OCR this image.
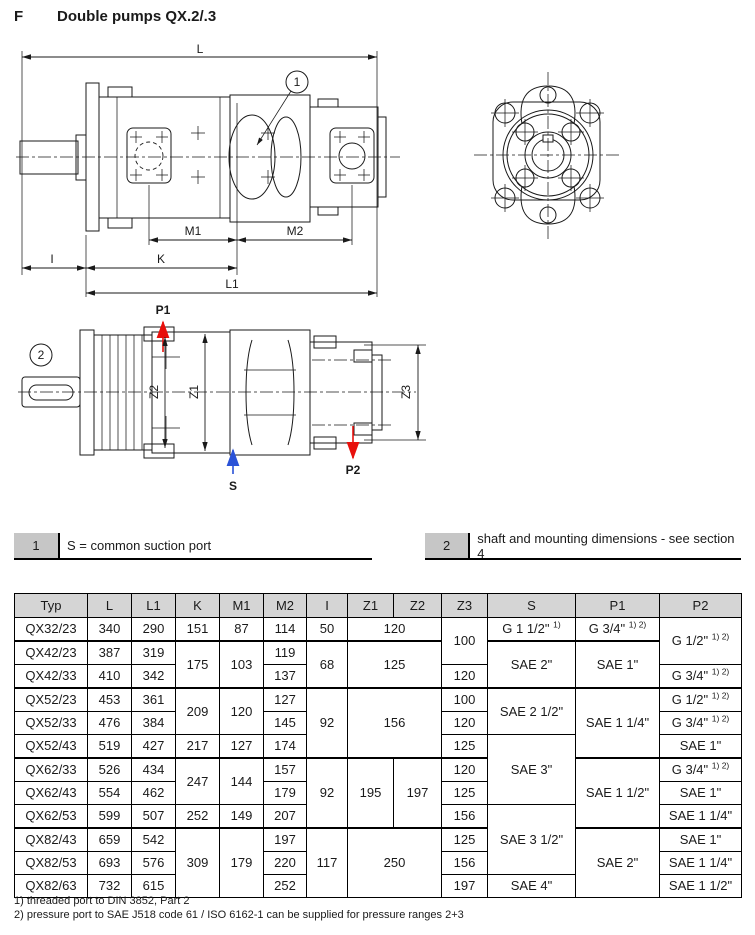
F Double pumps QX.2/.3
1
L
M1	M2
I	K
L1
2
P1
P2
S
Z2 Z1	Z3
1	S = common suction port	2	shaft and mounting dimensions - see section 4
Typ	L	L1	K	M1	M2	I	Z1	Z2	Z3	S	P1	P2
QX32/23	340	290	151	87	114	50	120		100	G 1 1/2" $^{1)}$	G 3/4" $^{1) 2)}$	G 1/2" $^{1) 2)}$
QX42/23	387	319	175	103	119	68	125			SAE 2"	SAE 1"	
QX42/33	410	342			137				120			G 3/4" $^{1) 2)}$
QX52/23	453	361	209	120	127	92	156		100	SAE 2 1/2"	SAE 1 1/4"	G 1/2" $^{1) 2)}$
QX52/33	476	384			145				120			G 3/4" $^{1) 2)}$
QX52/43	519	427	217	127	174				125	SAE 3"		SAE 1"
QX62/33	526	434	247	144	157	92	195	197	120		SAE 1 1/2"	G 3/4" $^{1) 2)}$
QX62/43	554	462			179				125			SAE 1"
QX62/53	599	507	252	149	207				156	SAE 3 1/2"		SAE 1 1/4"
QX82/43	659	542	309	179	197	117	250		125		SAE 2"	SAE 1"
QX82/53	693	576			220				156			SAE 1 1/4"
QX82/63	732	615			252				197	SAE 4"		SAE 1 1/2"
1) threaded port to DIN 3852, Part 2
2) pressure port to SAE J518 code 61 / ISO 6162-1 can be supplied for pressure ranges 2+3
